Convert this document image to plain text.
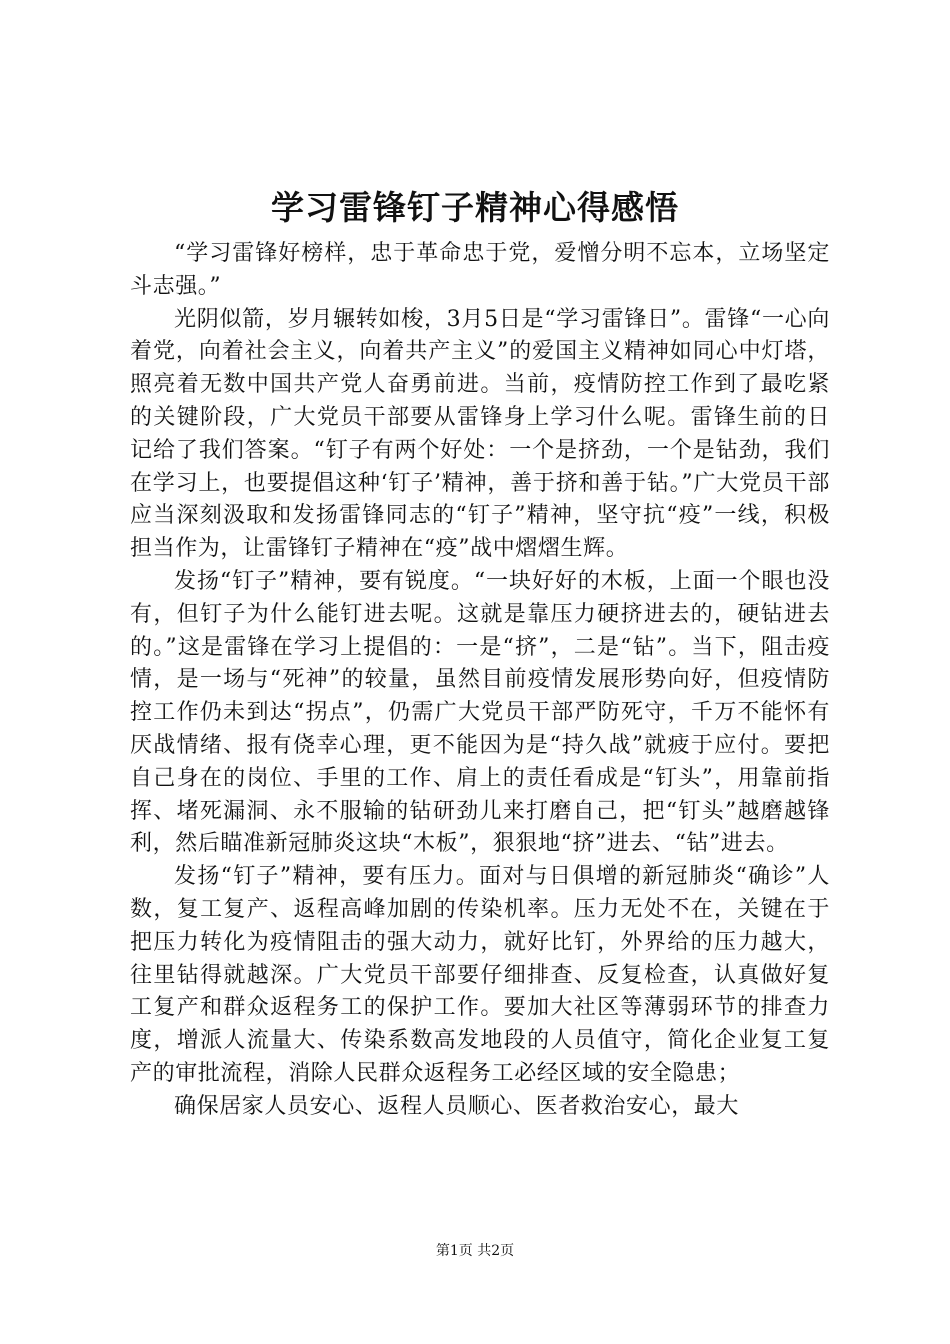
学习雷锋钉子精神心得感悟

“学习雷锋好榜样，忠于革命忠于党，爱憎分明不忘本，立场坚定斗志强。”

光阴似箭，岁月辗转如梭，3月5日是“学习雷锋日”。雷锋“一心向着党，向着社会主义，向着共产主义”的爱国主义精神如同心中灯塔，照亮着无数中国共产党人奋勇前进。当前，疫情防控工作到了最吃紧的关键阶段，广大党员干部要从雷锋身上学习什么呢。雷锋生前的日记给了我们答案。“钉子有两个好处：一个是挤劲，一个是钻劲，我们在学习上，也要提倡这种‘钉子’精神，善于挤和善于钻。”广大党员干部应当深刻汲取和发扬雷锋同志的“钉子”精神，坚守抗“疫”一线，积极担当作为，让雷锋钉子精神在“疫”战中熠熠生辉。

发扬“钉子”精神，要有锐度。“一块好好的木板，上面一个眼也没有，但钉子为什么能钉进去呢。这就是靠压力硬挤进去的，硬钻进去的。”这是雷锋在学习上提倡的：一是“挤”，二是“钻”。当下，阻击疫情，是一场与“死神”的较量，虽然目前疫情发展形势向好，但疫情防控工作仍未到达“拐点”，仍需广大党员干部严防死守，千万不能怀有厌战情绪、报有侥幸心理，更不能因为是“持久战”就疲于应付。要把自己身在的岗位、手里的工作、肩上的责任看成是“钉头”，用靠前指挥、堵死漏洞、永不服输的钻研劲儿来打磨自己，把“钉头”越磨越锋利，然后瞄准新冠肺炎这块“木板”，狠狠地“挤”进去、“钻”进去。

发扬“钉子”精神，要有压力。面对与日俱增的新冠肺炎“确诊”人数，复工复产、返程高峰加剧的传染机率。压力无处不在，关键在于把压力转化为疫情阻击的强大动力，就好比钉，外界给的压力越大，往里钻得就越深。广大党员干部要仔细排查、反复检查，认真做好复工复产和群众返程务工的保护工作。要加大社区等薄弱环节的排查力度，增派人流量大、传染系数高发地段的人员值守，简化企业复工复产的审批流程，消除人民群众返程务工必经区域的安全隐患；

确保居家人员安心、返程人员顺心、医者救治安心，最大

第1页 共2页
